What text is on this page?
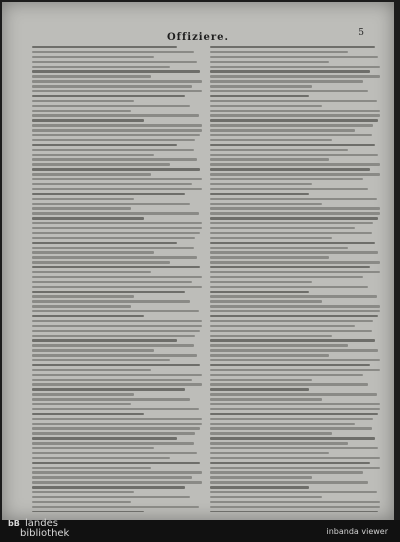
5
Offiziere.
bB landes
bibliothek	inbanda viewer
